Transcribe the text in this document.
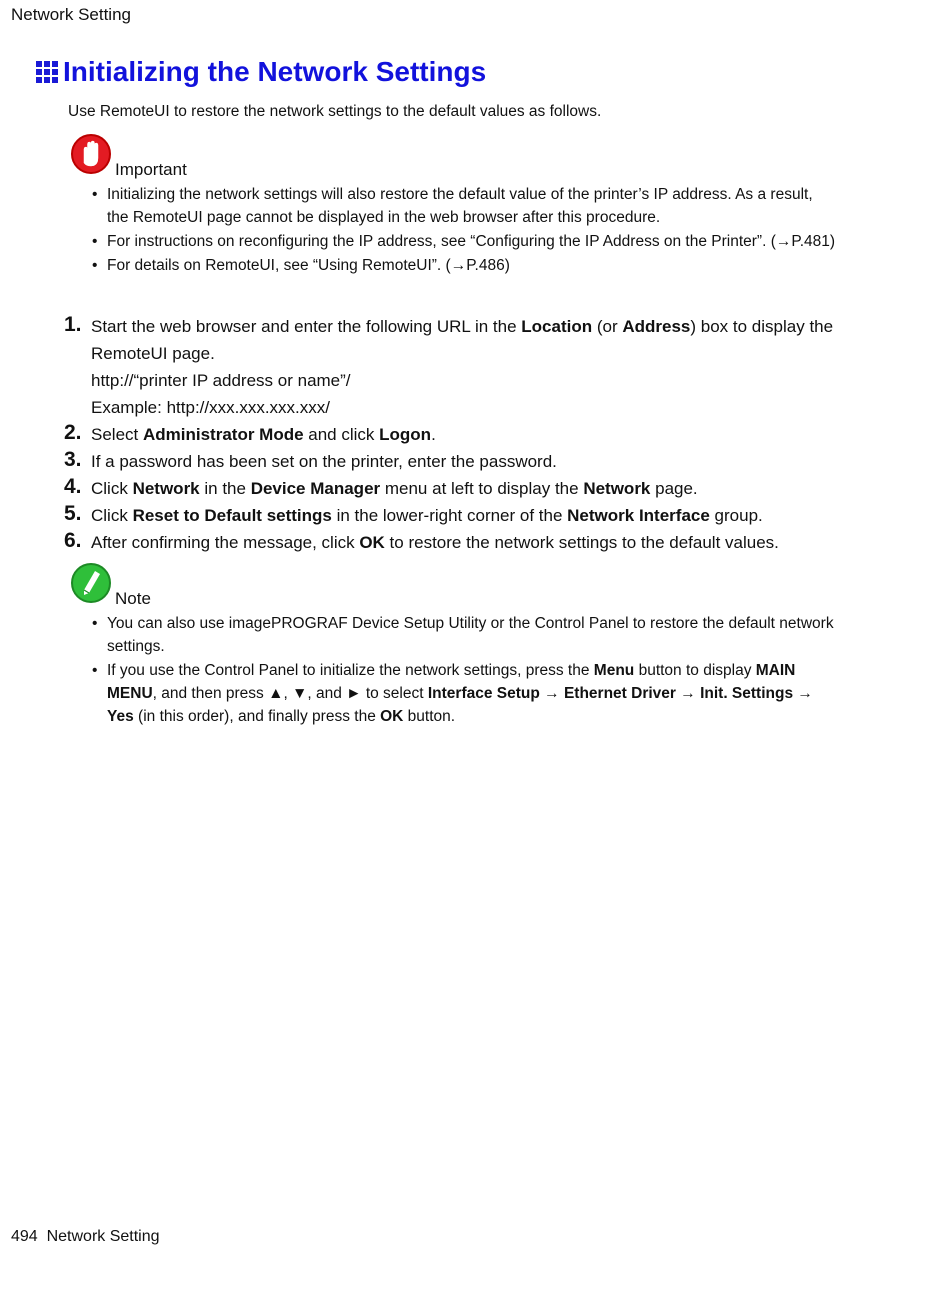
Network Setting
Initializing the Network Settings
Use RemoteUI to restore the network settings to the default values as follows.
Important
• Initializing the network settings will also restore the default value of the printer’s IP address. As a result, the RemoteUI page cannot be displayed in the web browser after this procedure.
• For instructions on reconfiguring the IP address, see “Configuring the IP Address on the Printer”. (→P.481)
• For details on RemoteUI, see “Using RemoteUI”. (→P.486)
1. Start the web browser and enter the following URL in the Location (or Address) box to display the RemoteUI page.
http://“printer IP address or name”/
Example: http://xxx.xxx.xxx.xxx/
2. Select Administrator Mode and click Logon.
3. If a password has been set on the printer, enter the password.
4. Click Network in the Device Manager menu at left to display the Network page.
5. Click Reset to Default settings in the lower-right corner of the Network Interface group.
6. After confirming the message, click OK to restore the network settings to the default values.
Note
• You can also use imagePROGRAF Device Setup Utility or the Control Panel to restore the default network settings.
• If you use the Control Panel to initialize the network settings, press the Menu button to display MAIN MENU, and then press ▲, ▼, and ► to select Interface Setup → Ethernet Driver → Init. Settings → Yes (in this order), and finally press the OK button.
494 Network Setting
